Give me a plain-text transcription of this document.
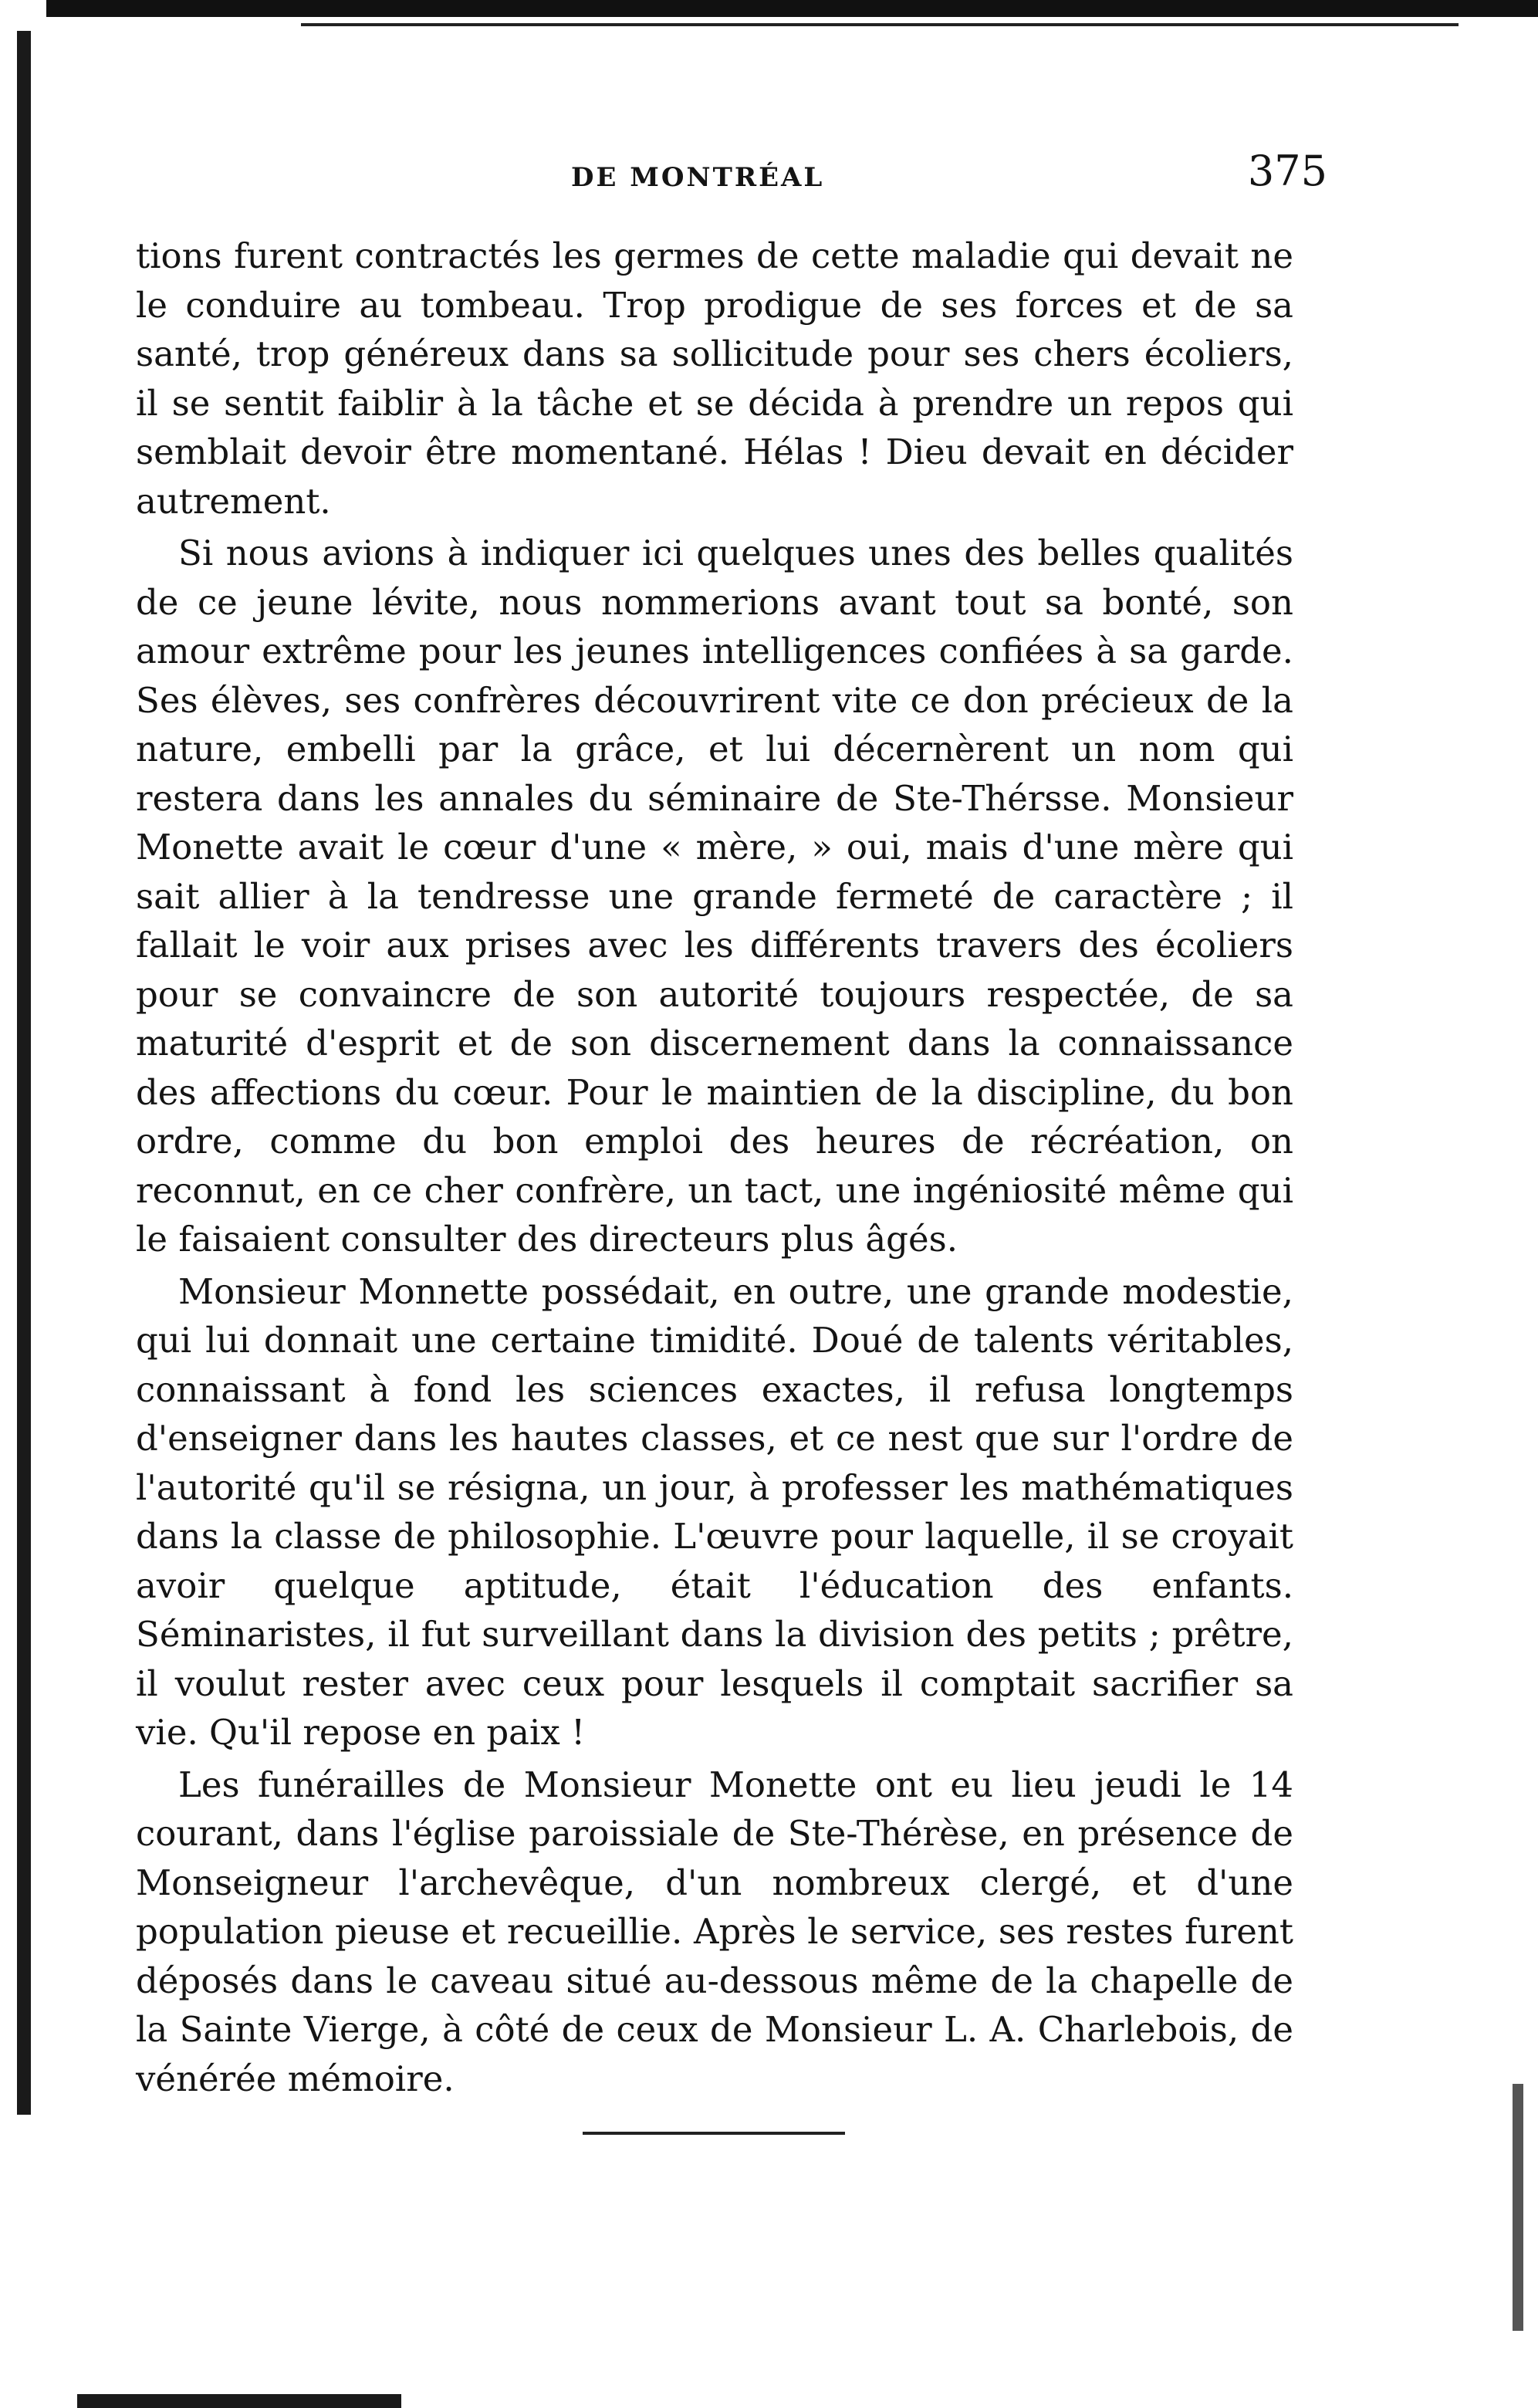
DE MONTRÉAL	375

tions furent contractés les germes de cette maladie qui devait ne le conduire au tombeau. Trop prodigue de ses forces et de sa santé, trop généreux dans sa sollicitude pour ses chers écoliers, il se sentit faiblir à la tâche et se décida à prendre un repos qui semblait devoir être momentané. Hélas ! Dieu devait en décider autrement.

Si nous avions à indiquer ici quelques unes des belles qualités de ce jeune lévite, nous nommerions avant tout sa bonté, son amour extrême pour les jeunes intelligences confiées à sa garde. Ses élèves, ses confrères découvrirent vite ce don précieux de la nature, embelli par la grâce, et lui décernèrent un nom qui restera dans les annales du séminaire de Ste-Thérsse. Monsieur Monette avait le cœur d'une « mère, » oui, mais d'une mère qui sait allier à la tendresse une grande fermeté de caractère ; il fallait le voir aux prises avec les différents travers des écoliers pour se convaincre de son autorité toujours respectée, de sa maturité d'esprit et de son discernement dans la connaissance des affections du cœur. Pour le maintien de la discipline, du bon ordre, comme du bon emploi des heures de récréation, on reconnut, en ce cher confrère, un tact, une ingéniosité même qui le faisaient consulter des directeurs plus âgés.

Monsieur Monnette possédait, en outre, une grande modestie, qui lui donnait une certaine timidité. Doué de talents véritables, connaissant à fond les sciences exactes, il refusa longtemps d'enseigner dans les hautes classes, et ce nest que sur l'ordre de l'autorité qu'il se résigna, un jour, à professer les mathématiques dans la classe de philosophie. L'œuvre pour laquelle, il se croyait avoir quelque aptitude, était l'éducation des enfants. Séminaristes, il fut surveillant dans la division des petits ; prêtre, il voulut rester avec ceux pour lesquels il comptait sacrifier sa vie. Qu'il repose en paix !

Les funérailles de Monsieur Monette ont eu lieu jeudi le 14 courant, dans l'église paroissiale de Ste-Thérèse, en présence de Monseigneur l'archevêque, d'un nombreux clergé, et d'une population pieuse et recueillie. Après le service, ses restes furent déposés dans le caveau situé au-dessous même de la chapelle de la Sainte Vierge, à côté de ceux de Monsieur L. A. Charlebois, de vénérée mémoire.
